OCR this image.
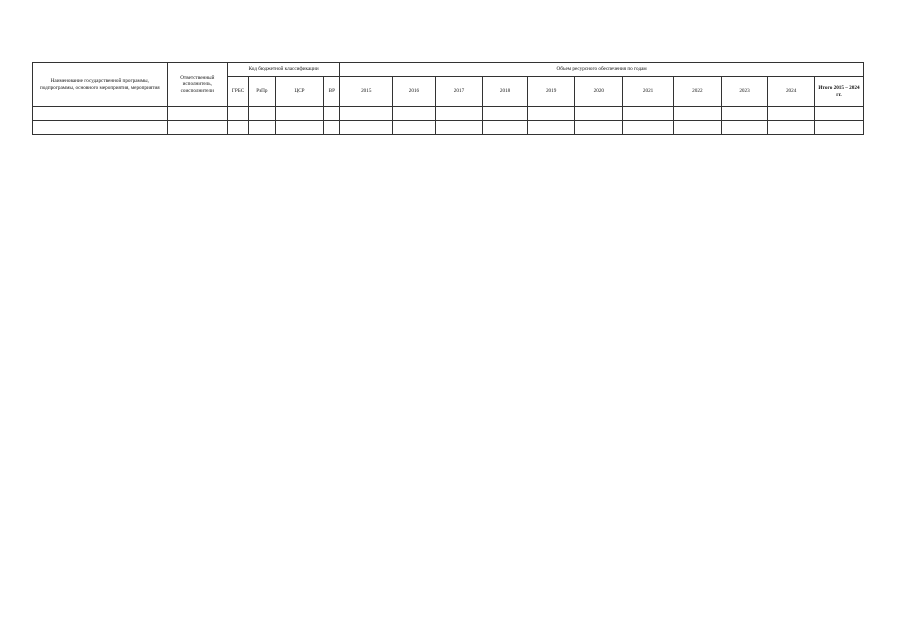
Наименование государственной программы, подпрограммы, основного мероприятия, мероприятия	Ответственный исполнитель, соисполнители	Код бюджетной классификации				Объем ресурсного обеспечения по годам										
		ГРБС	РзПр	ЦСР	ВР	2015	2016	2017	2018	2019	2020	2021	2022	2023	2024	Итого 2015 – 2024 гг.
